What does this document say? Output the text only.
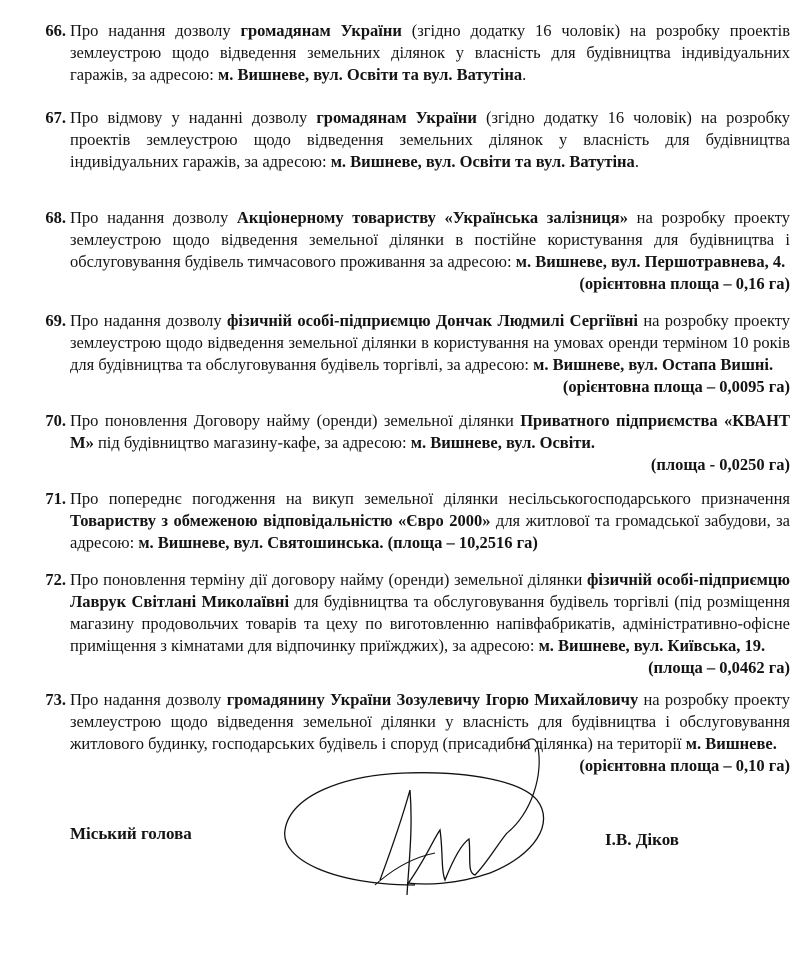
66. Про надання дозволу громадянам України (згідно додатку 16 чоловік) на розробку проектів землеустрою щодо відведення земельних ділянок у власність для будівництва індивідуальних гаражів, за адресою: м. Вишневе, вул. Освіти та вул. Ватутіна.

67. Про відмову у наданні дозволу громадянам України (згідно додатку 16 чоловік) на розробку проектів землеустрою щодо відведення земельних ділянок у власність для будівництва індивідуальних гаражів, за адресою: м. Вишневе, вул. Освіти та вул. Ватутіна.

68. Про надання дозволу Акціонерному товариству «Українська залізниця» на розробку проекту землеустрою щодо відведення земельної ділянки в постійне користування для будівництва і обслуговування будівель тимчасового проживання за адресою: м. Вишневе, вул. Першотравнева, 4.

(орієнтовна площа – 0,16 га)
69. Про надання дозволу фізичній особі-підприємцю Дончак Людмилі Сергіївні на розробку проекту землеустрою щодо відведення земельної ділянки в користування на умовах оренди терміном 10 років для будівництва та обслуговування будівель торгівлі, за адресою: м. Вишневе, вул. Остапа Вишні.

(орієнтовна площа – 0,0095 га)
70. Про поновлення Договору найму (оренди) земельної ділянки Приватного підприємства «КВАНТ М» під будівництво магазину-кафе, за адресою: м. Вишневе, вул. Освіти.

(площа - 0,0250 га)
71. Про попереднє погодження на викуп земельної ділянки несільськогосподарського призначення Товариству з обмеженою відповідальністю «Євро 2000» для житлової та громадської забудови, за адресою: м. Вишневе, вул. Святошинська. (площа – 10,2516 га)

72. Про поновлення терміну дії договору найму (оренди) земельної ділянки фізичній особі-підприємцю Лаврук Світлані Миколаївні для будівництва та обслуговування будівель торгівлі (під розміщення магазину продовольчих товарів та цеху по виготовленню напівфабрикатів, адміністративно-офісне приміщення з кімнатами для відпочинку приїжджих), за адресою: м. Вишневе, вул. Київська, 19.

(площа – 0,0462 га)
73. Про надання дозволу громадянину України Зозулевичу Ігорю Михайловичу на розробку проекту землеустрою щодо відведення земельної ділянки у власність для будівництва і обслуговування житлового будинку, господарських будівель і споруд (присадибна ділянка) на території м. Вишневе.

(орієнтовна площа – 0,10 га)
Міський голова	І.В. Діков
